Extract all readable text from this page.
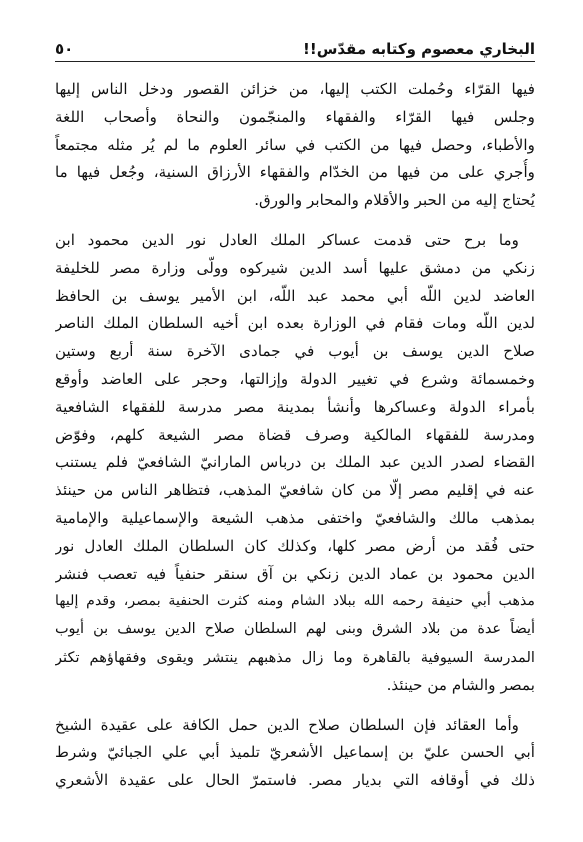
البخاري معصوم وكتابه مقدّس!!
٥٠

فيها القرّاء وحُملت الكتب إليها، من خزائن القصور ودخل الناس إليها
وجلس فيها القرّاء والفقهاء والمنجّمون والنحاة وأصحاب اللغة
والأطباء، وحصل فيها من الكتب في سائر العلوم ما لم يُر مثله مجتمعاً
وأُجري على من فيها من الخدّام والفقهاء الأرزاق السنية، وجُعل فيها ما
يُحتاج إليه من الحبر والأقلام والمحابر والورق.

وما برح حتى قدمت عساكر الملك العادل نور الدين محمود ابن
زنكي من دمشق عليها أسد الدين شيركوه وولّى وزارة مصر للخليفة
العاضد لدين اللّه أبي محمد عبد اللّه، ابن الأمير يوسف بن الحافظ
لدين اللّه ومات فقام في الوزارة بعده ابن أخيه السلطان الملك الناصر
صلاح الدين يوسف بن أيوب في جمادى الآخرة سنة أربع وستين
وخمسمائة وشرع في تغيير الدولة وإزالتها، وحجر على العاضد وأوقع
بأمراء الدولة وعساكرها وأنشأ بمدينة مصر مدرسة للفقهاء الشافعية
ومدرسة للفقهاء المالكية وصرف قضاة مصر الشيعة كلهم، وفوّض
القضاء لصدر الدين عبد الملك بن درباس المارانيّ الشافعيّ فلم يستنب
عنه في إقليم مصر إلّا من كان شافعيّ المذهب، فتظاهر الناس من حينئذ
بمذهب مالك والشافعيّ واختفى مذهب الشيعة والإسماعيلية والإمامية
حتى فُقد من أرض مصر كلها، وكذلك كان السلطان الملك العادل نور
الدين محمود بن عماد الدين زنكي بن آق سنقر حنفياً فيه تعصب فنشر
مذهب أبي حنيفة رحمه الله ببلاد الشام ومنه كثرت الحنفية بمصر، وقدم إليها
أيضاً عدة من بلاد الشرق وبنى لهم السلطان صلاح الدين يوسف بن أيوب
المدرسة السيوفية بالقاهرة وما زال مذهبهم ينتشر ويقوى وفقهاؤهم تكثر
بمصر والشام من حينئذ.

وأما العقائد فإن السلطان صلاح الدين حمل الكافة على عقيدة الشيخ
أبي الحسن عليّ بن إسماعيل الأشعريّ تلميذ أبي علي الجبائيّ وشرط
ذلك في أوقافه التي بديار مصر. فاستمرّ الحال على عقيدة الأشعري
